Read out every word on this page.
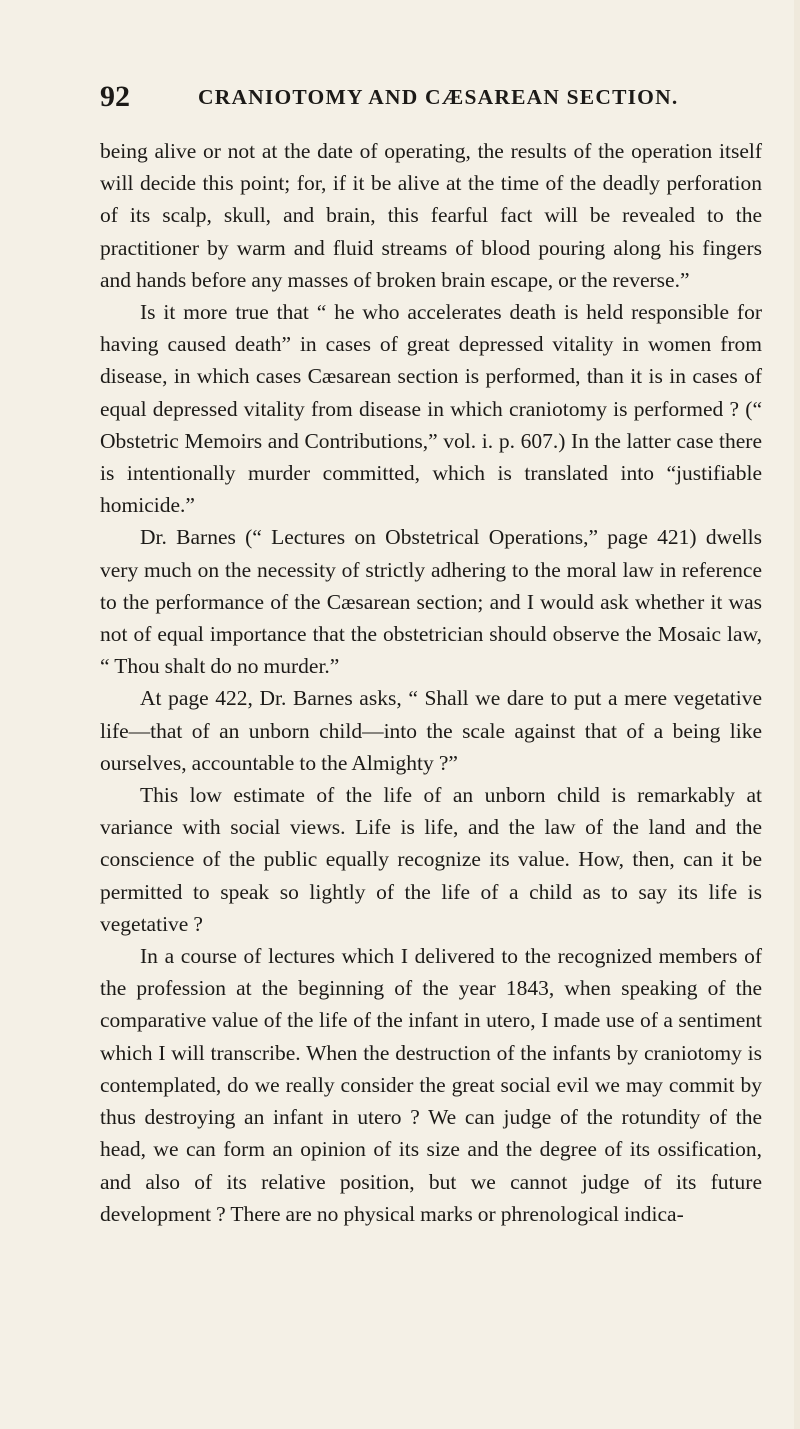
92	CRANIOTOMY AND CÆSAREAN SECTION.

being alive or not at the date of operating, the results of the operation itself will decide this point; for, if it be alive at the time of the deadly perforation of its scalp, skull, and brain, this fearful fact will be revealed to the practitioner by warm and fluid streams of blood pouring along his fingers and hands before any masses of broken brain escape, or the reverse.”

Is it more true that “ he who accelerates death is held responsible for having caused death” in cases of great depressed vitality in women from disease, in which cases Cæsarean section is performed, than it is in cases of equal depressed vitality from disease in which craniotomy is performed ? (“ Obstetric Memoirs and Contributions,” vol. i. p. 607.) In the latter case there is intentionally murder committed, which is translated into “justifiable homicide.”

Dr. Barnes (“ Lectures on Obstetrical Operations,” page 421) dwells very much on the necessity of strictly adhering to the moral law in reference to the performance of the Cæsarean section; and I would ask whether it was not of equal importance that the obstetrician should observe the Mosaic law, “ Thou shalt do no murder.”

At page 422, Dr. Barnes asks, “ Shall we dare to put a mere vegetative life—that of an unborn child—into the scale against that of a being like ourselves, accountable to the Almighty ?”

This low estimate of the life of an unborn child is remarkably at variance with social views. Life is life, and the law of the land and the conscience of the public equally recognize its value. How, then, can it be permitted to speak so lightly of the life of a child as to say its life is vegetative ?

In a course of lectures which I delivered to the recognized members of the profession at the beginning of the year 1843, when speaking of the comparative value of the life of the infant in utero, I made use of a sentiment which I will transcribe. When the destruction of the infants by craniotomy is contemplated, do we really consider the great social evil we may commit by thus destroying an infant in utero ? We can judge of the rotundity of the head, we can form an opinion of its size and the degree of its ossification, and also of its relative position, but we cannot judge of its future development ? There are no physical marks or phrenological indica-
